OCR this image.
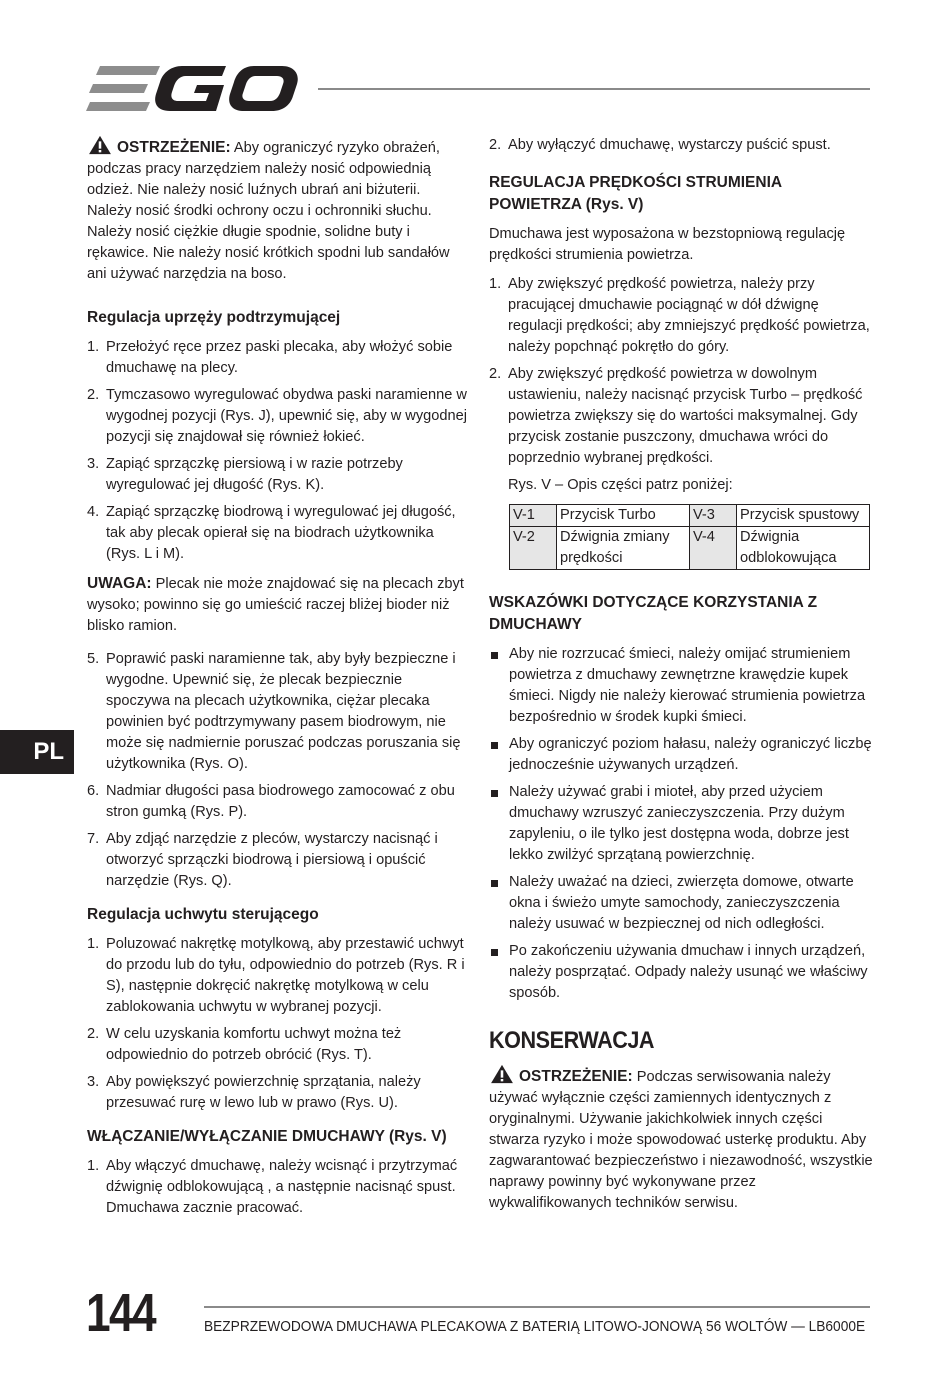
OSTRZEŻENIE: Aby ograniczyć ryzyko obrażeń, podczas pracy narzędziem należy nosić odpowiednią odzież. Nie należy nosić luźnych ubrań ani biżuterii. Należy nosić środki ochrony oczu i ochronniki słuchu. Należy nosić ciężkie długie spodnie, solidne buty i rękawice. Nie należy nosić krótkich spodni lub sandałów ani używać narzędzia na boso.

Regulacja uprzęży podtrzymującej
1. Przełożyć ręce przez paski plecaka, aby włożyć sobie dmuchawę na plecy.
2. Tymczasowo wyregulować obydwa paski naramienne w wygodnej pozycji (Rys. J), upewnić się, aby w wygodnej pozycji się znajdował się również łokieć.
3. Zapiąć sprzączkę piersiową i w razie potrzeby wyregulować jej długość (Rys. K).
4. Zapiąć sprzączkę biodrową i wyregulować jej długość, tak aby plecak opierał się na biodrach użytkownika (Rys. L i M).

UWAGA: Plecak nie może znajdować się na plecach zbyt wysoko; powinno się go umieścić raczej bliżej bioder niż blisko ramion.

5. Poprawić paski naramienne tak, aby były bezpieczne i wygodne. Upewnić się, że plecak bezpiecznie spoczywa na plecach użytkownika, ciężar plecaka powinien być podtrzymywany pasem biodrowym, nie może się nadmiernie poruszać podczas poruszania się użytkownika (Rys. O).
6. Nadmiar długości pasa biodrowego zamocować z obu stron gumką (Rys. P).
7. Aby zdjąć narzędzie z pleców, wystarczy nacisnąć i otworzyć sprzączki biodrową i piersiową i opuścić narzędzie (Rys. Q).
Regulacja uchwytu sterującego
1. Poluzować nakrętkę motylkową, aby przestawić uchwyt do przodu lub do tyłu, odpowiednio do potrzeb (Rys. R i S), następnie dokręcić nakrętkę motylkową w celu zablokowania uchwytu w wybranej pozycji.
2. W celu uzyskania komfortu uchwyt można też odpowiednio do potrzeb obrócić (Rys. T).
3. Aby powiększyć powierzchnię sprzątania, należy przesuwać rurę w lewo lub w prawo (Rys. U).
WŁĄCZANIE/WYŁĄCZANIE DMUCHAWY (Rys. V)
1. Aby włączyć dmuchawę, należy wcisnąć i przytrzymać dźwignię odblokowującą , a następnie nacisnąć spust. Dmuchawa zacznie pracować.
2. Aby wyłączyć dmuchawę, wystarczy puścić spust.
REGULACJA PRĘDKOŚCI STRUMIENIA POWIETRZA (Rys. V)

Dmuchawa jest wyposażona w bezstopniową regulację prędkości strumienia powietrza.

1. Aby zwiększyć prędkość powietrza, należy przy pracującej dmuchawie pociągnąć w dół dźwignę regulacji prędkości; aby zmniejszyć prędkość powietrza, należy popchnąć pokrętło do góry.
2. Aby zwiększyć prędkość powietrza w dowolnym ustawieniu, należy nacisnąć przycisk Turbo – prędkość powietrza zwiększy się do wartości maksymalnej. Gdy przycisk zostanie puszczony, dmuchawa wróci do poprzednio wybranej prędkości.

Rys. V – Opis części patrz poniżej:

V-1	Przycisk Turbo	V-3	Przycisk spustowy
V-2	Dźwignia zmiany prędkości	V-4	Dźwignia odblokowująca
WSKAZÓWKI DOTYCZĄCE KORZYSTANIA Z DMUCHAWY
Aby nie rozrzucać śmieci, należy omijać strumieniem powietrza z dmuchawy zewnętrzne krawędzie kupek śmieci. Nigdy nie należy kierować strumienia powietrza bezpośrednio w środek kupki śmieci.
Aby ograniczyć poziom hałasu, należy ograniczyć liczbę jednocześnie używanych urządzeń.
Należy używać grabi i mioteł, aby przed użyciem dmuchawy wzruszyć zanieczyszczenia. Przy dużym zapyleniu, o ile tylko jest dostępna woda, dobrze jest lekko zwilżyć sprzątaną powierzchnię.
Należy uważać na dzieci, zwierzęta domowe, otwarte okna i świeżo umyte samochody, zanieczyszczenia należy usuwać w bezpiecznej od nich odległości.
Po zakończeniu używania dmuchaw i innych urządzeń, należy posprzątać. Odpady należy usunąć we właściwy sposób.
KONSERWACJA

OSTRZEŻENIE: Podczas serwisowania należy używać wyłącznie części zamiennych identycznych z oryginalnymi. Używanie jakichkolwiek innych części stwarza ryzyko i może spowodować usterkę produktu. Aby zagwarantować bezpieczeństwo i niezawodność, wszystkie naprawy powinny być wykonywane przez wykwalifikowanych techników serwisu.

PL
144	BEZPRZEWODOWA DMUCHAWA PLECAKOWA Z BATERIĄ LITOWO-JONOWĄ 56 WOLTÓW — LB6000E
